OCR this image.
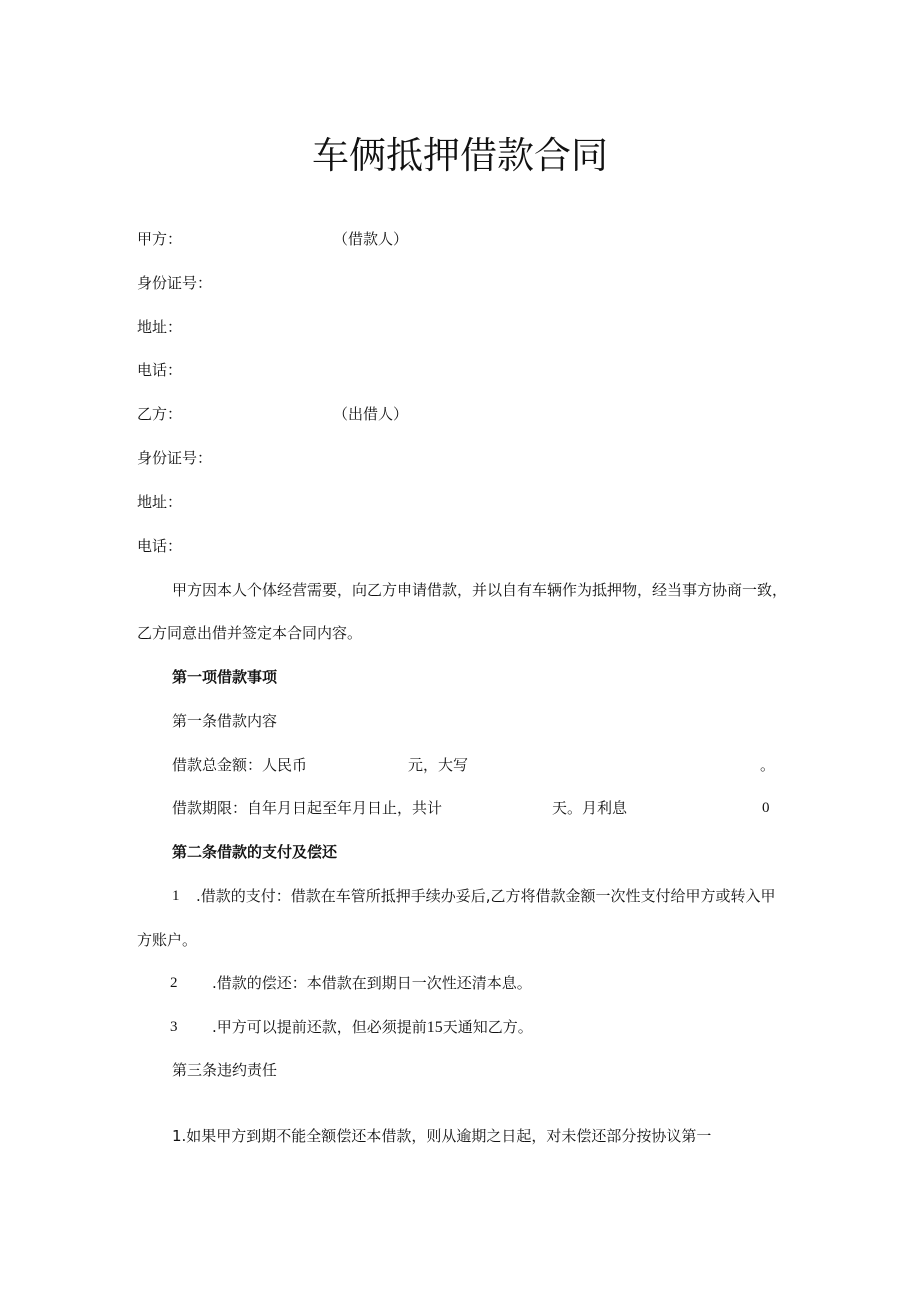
车俩抵押借款合同
甲方：	（借款人）
身份证号：
地址：
电话：
乙方：	（出借人）
身份证号：
地址：
电话：
甲方因本人个体经营需要，向乙方申请借款，并以自有车辆作为抵押物，经当事方协商一致，
乙方同意出借并签定本合同内容。
第一项借款事项
第一条借款内容
借款总金额：人民币	元，大写	。
借款期限：自年月日起至年月日止，共计	天。月利息	0
第二条借款的支付及偿还
1 .借款的支付：借款在车管所抵押手续办妥后,乙方将借款金额一次性支付给甲方或转入甲
方账户。
2 .借款的偿还：本借款在到期日一次性还清本息。
3 .甲方可以提前还款，但必须提前15天通知乙方。
第三条违约责任
1.如果甲方到期不能全额偿还本借款，则从逾期之日起，对未偿还部分按协议第一
